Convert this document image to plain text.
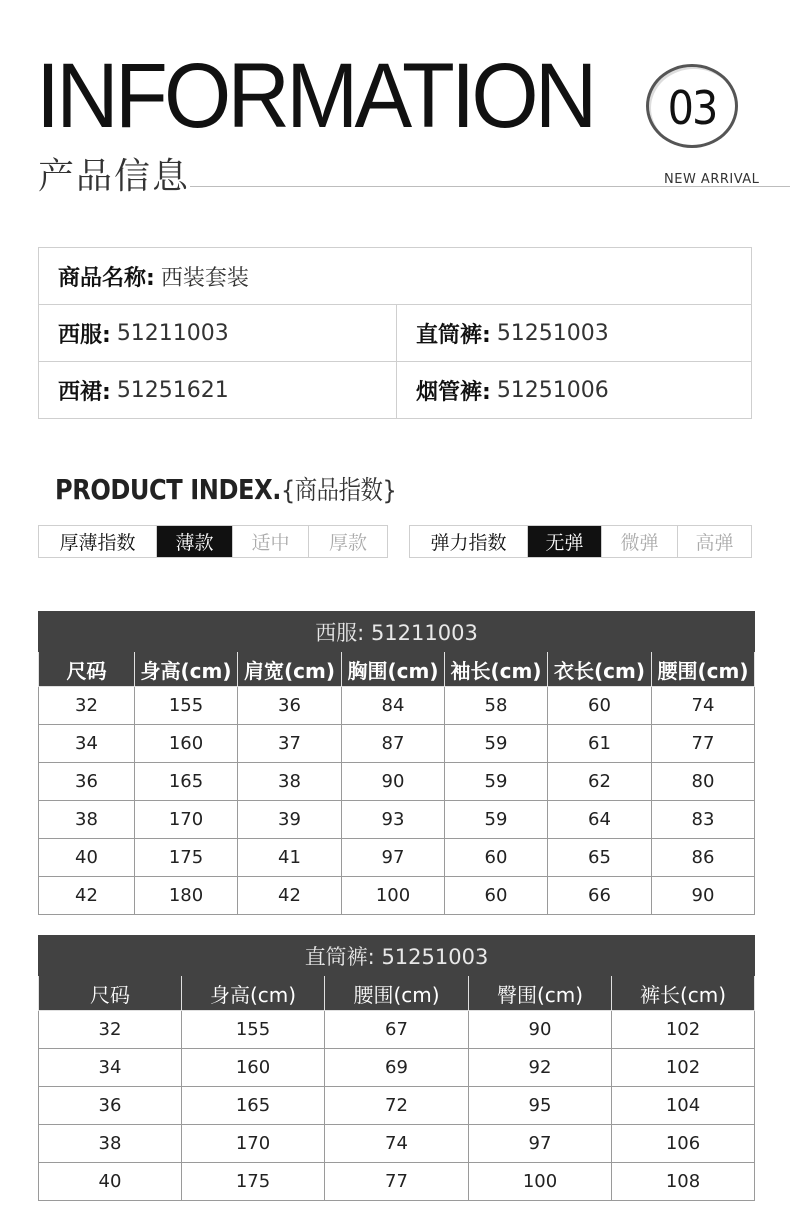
INFORMATION
产品信息
03
NEW ARRIVAL
商品名称: 西装套装
西服: 51211003	直筒裤: 51251003
西裙: 51251621	烟管裤: 51251006
PRODUCT INDEX.{商品指数}
厚薄指数	薄款	适中	厚款	弹力指数	无弹	微弹	高弹
西服: 51211003						
尺码	身高(cm)	肩宽(cm)	胸围(cm)	袖长(cm)	衣长(cm)	腰围(cm)
32	155	36	84	58	60	74
34	160	37	87	59	61	77
36	165	38	90	59	62	80
38	170	39	93	59	64	83
40	175	41	97	60	65	86
42	180	42	100	60	66	90
直筒裤: 51251003				
尺码	身高(cm)	腰围(cm)	臀围(cm)	裤长(cm)
32	155	67	90	102
34	160	69	92	102
36	165	72	95	104
38	170	74	97	106
40	175	77	100	108
